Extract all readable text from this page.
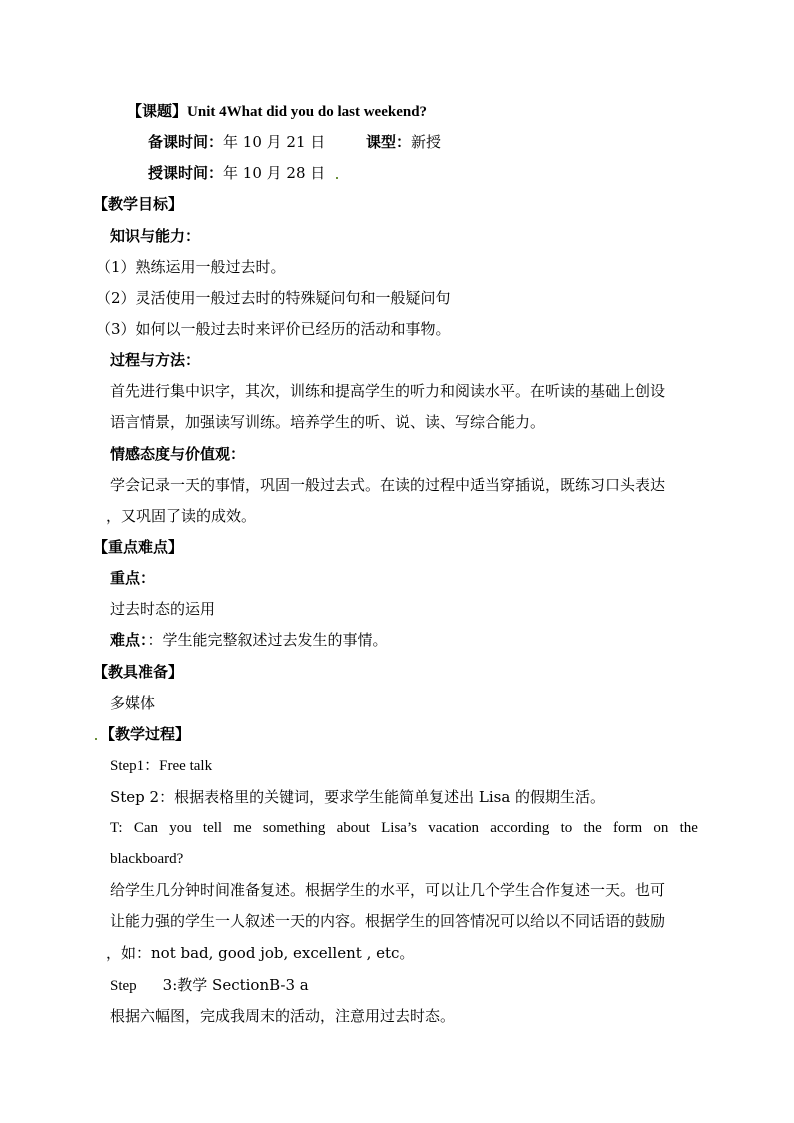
【课题】Unit 4What did you do last weekend?
备课时间：年 10 月 21 日	课型：新授
授课时间：年 10 月 28 日
【教学目标】
知识与能力：
（1）熟练运用一般过去时。
（2）灵活使用一般过去时的特殊疑问句和一般疑问句
（3）如何以一般过去时来评价已经历的活动和事物。
过程与方法：
首先进行集中识字，其次，训练和提高学生的听力和阅读水平。在听读的基础上创设
语言情景，加强读写训练。培养学生的听、说、读、写综合能力。
情感态度与价值观：
学会记录一天的事情，巩固一般过去式。在读的过程中适当穿插说，既练习口头表达
，又巩固了读的成效。
【重点难点】
重点：
过去时态的运用
难点：：学生能完整叙述过去发生的事情。
【教具准备】
多媒体
【教学过程】
Step1：Free talk
Step 2：根据表格里的关键词，要求学生能简单复述出 Lisa 的假期生活。
T: Can you tell me something about Lisa’s vacation according to the form on the
blackboard?
给学生几分钟时间准备复述。根据学生的水平，可以让几个学生合作复述一天。也可
让能力强的学生一人叙述一天的内容。根据学生的回答情况可以给以不同话语的鼓励
，如：not bad, good job, excellent , etc。
Step 3:教学 SectionB-3 a
根据六幅图，完成我周末的活动，注意用过去时态。
